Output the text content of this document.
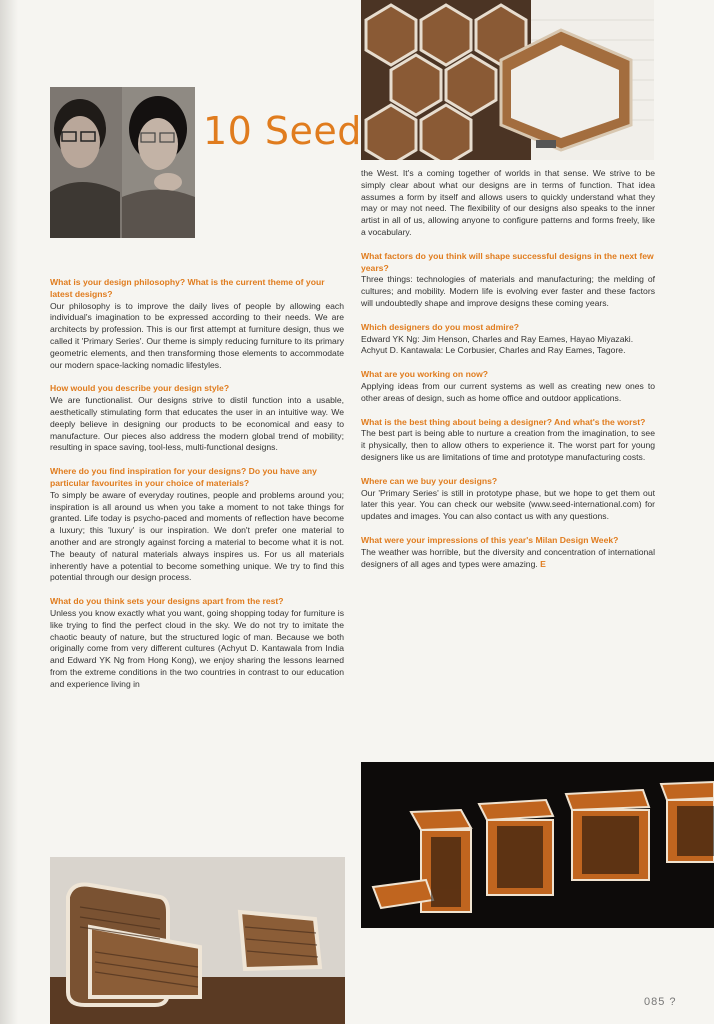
10 Seed

What is your design philosophy? What is the current theme of your latest designs?

Our philosophy is to improve the daily lives of people by allowing each individual's imagination to be expressed according to their needs. We are architects by profession. This is our first attempt at furniture design, thus we called it 'Primary Series'. Our theme is simply reducing furniture to its primary geometric elements, and then transforming those elements to accommodate our modern space-lacking nomadic lifestyles.

How would you describe your design style?

We are functionalist. Our designs strive to distil function into a usable, aesthetically stimulating form that educates the user in an intuitive way. We deeply believe in designing our products to be economical and easy to manufacture. Our pieces also address the modern global trend of mobility; resulting in space saving, tool-less, multi-functional designs.

Where do you find inspiration for your designs? Do you have any particular favourites in your choice of materials?

To simply be aware of everyday routines, people and problems around you; inspiration is all around us when you take a moment to not take things for granted. Life today is psycho-paced and moments of reflection have become a luxury; this 'luxury' is our inspiration. We don't prefer one material to another and are strongly against forcing a material to become what it is not. The beauty of natural materials always inspires us. For us all materials inherently have a potential to become something unique. We try to find this potential through our design process.

What do you think sets your designs apart from the rest?

Unless you know exactly what you want, going shopping today for furniture is like trying to find the perfect cloud in the sky. We do not try to imitate the chaotic beauty of nature, but the structured logic of man. Because we both originally come from very different cultures (Achyut D. Kantawala from India and Edward YK Ng from Hong Kong), we enjoy sharing the lessons learned from the extreme conditions in the two countries in contrast to our education and experience living in

the West. It's a coming together of worlds in that sense. We strive to be simply clear about what our designs are in terms of function. That idea assumes a form by itself and allows users to quickly understand what they may or may not need. The flexibility of our designs also speaks to the inner artist in all of us, allowing anyone to configure patterns and forms freely, like a vocabulary.

What factors do you think will shape successful designs in the next few years?

Three things: technologies of materials and manufacturing; the melding of cultures; and mobility. Modern life is evolving ever faster and these factors will undoubtedly shape and improve designs these coming years.

Which designers do you most admire?

Edward YK Ng: Jim Henson, Charles and Ray Eames, Hayao Miyazaki.

Achyut D. Kantawala: Le Corbusier, Charles and Ray Eames, Tagore.

What are you working on now?

Applying ideas from our current systems as well as creating new ones to other areas of design, such as home office and outdoor applications.

What is the best thing about being a designer? And what's the worst?

The best part is being able to nurture a creation from the imagination, to see it physically, then to allow others to experience it. The worst part for young designers like us are limitations of time and prototype manufacturing costs.

Where can we buy your designs?

Our 'Primary Series' is still in prototype phase, but we hope to get them out later this year. You can check our website (www.seed-international.com) for updates and images. You can also contact us with any questions.

What were your impressions of this year's Milan Design Week?

The weather was horrible, but the diversity and concentration of international designers of all ages and types were amazing. E

085 ?
